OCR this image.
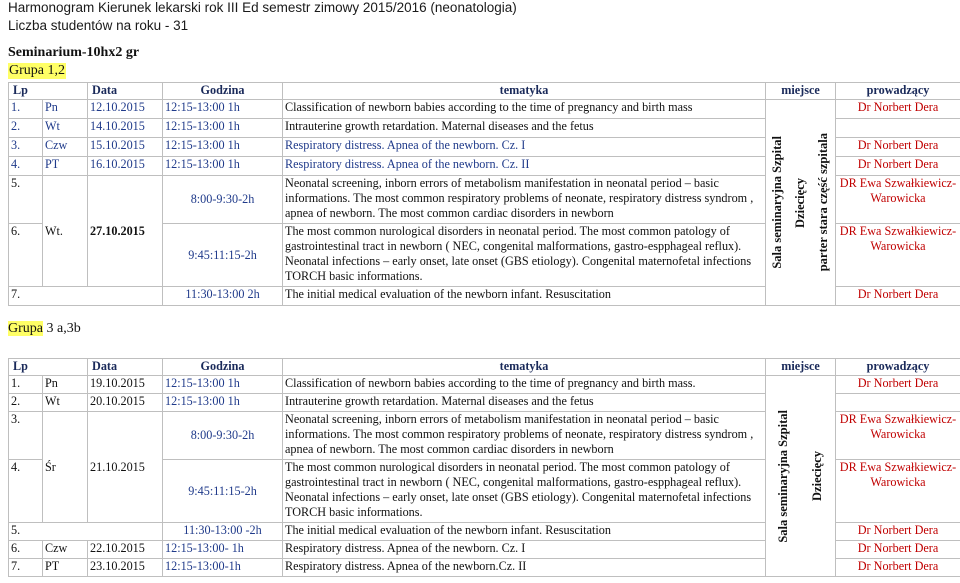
Harmonogram Kierunek lekarski rok III Ed semestr zimowy 2015/2016 (neonatologia)
Liczba studentów na roku - 31
Seminarium-10hx2 gr
Grupa 1,2
Lp		Data	Godzina	tematyka	miejsce	prowadzący
1.	Pn	12.10.2015	12:15-13:00 1h	Classification of newborn babies according to the time of pregnancy and birth mass	Sala seminaryjna Szpital Dziecięcy parter stara część szpitala	Dr Norbert Dera
2.	Wt	14.10.2015	12:15-13:00 1h	Intrauterine growth retardation. Maternal diseases and the fetus		
3.	Czw	15.10.2015	12:15-13:00 1h	Respiratory distress. Apnea of the newborn. Cz. I		Dr Norbert Dera
4.	PT	16.10.2015	12:15-13:00 1h	Respiratory distress. Apnea of the newborn. Cz. II		Dr Norbert Dera
5.	Wt.	27.10.2015	8:00-9:30-2h	Neonatal screening, inborn errors of metabolism manifestation in neonatal period – basic informations. The most common respiratory problems of neonate, respiratory distress syndrom , apnea of newborn. The most common cardiac disorders in newborn		DR Ewa Szwałkiewicz-Warowicka
6.			9:45:11:15-2h	The most common nurological disorders in neonatal period. The most common patology of gastrointestinal tract in newborn ( NEC, congenital malformations, gastro-espphageal reflux). Neonatal infections – early onset, late onset (GBS etiology). Congenital maternofetal infections TORCH basic informations.		DR Ewa Szwałkiewicz-Warowicka
7.			11:30-13:00 2h	The initial medical evaluation of the newborn infant. Resuscitation		Dr Norbert Dera
Grupa 3 a,3b
Lp		Data	Godzina	tematyka	miejsce	prowadzący
1.	Pn	19.10.2015	12:15-13:00 1h	Classification of newborn babies according to the time of pregnancy and birth mass.	Sala seminaryjna Szpital Dziecięcy	Dr Norbert Dera
2.	Wt	20.10.2015	12:15-13:00 1h	Intrauterine growth retardation. Maternal diseases and the fetus		
3.	Śr	21.10.2015	8:00-9:30-2h	Neonatal screening, inborn errors of metabolism manifestation in neonatal period – basic informations. The most common respiratory problems of neonate, respiratory distress syndrom , apnea of newborn. The most common cardiac disorders in newborn		DR Ewa Szwałkiewicz-Warowicka
4.			9:45:11:15-2h	The most common nurological disorders in neonatal period. The most common patology of gastrointestinal tract in newborn ( NEC, congenital malformations, gastro-espphageal reflux). Neonatal infections – early onset, late onset (GBS etiology). Congenital maternofetal infections TORCH basic informations.		DR Ewa Szwałkiewicz-Warowicka
5.			11:30-13:00 -2h	The initial medical evaluation of the newborn infant. Resuscitation		Dr Norbert Dera
6.	Czw	22.10.2015	12:15-13:00- 1h	Respiratory distress. Apnea of the newborn. Cz. I		Dr Norbert Dera
7.	PT	23.10.2015	12:15-13:00-1h	Respiratory distress. Apnea of the newborn.Cz. II		Dr Norbert Dera
